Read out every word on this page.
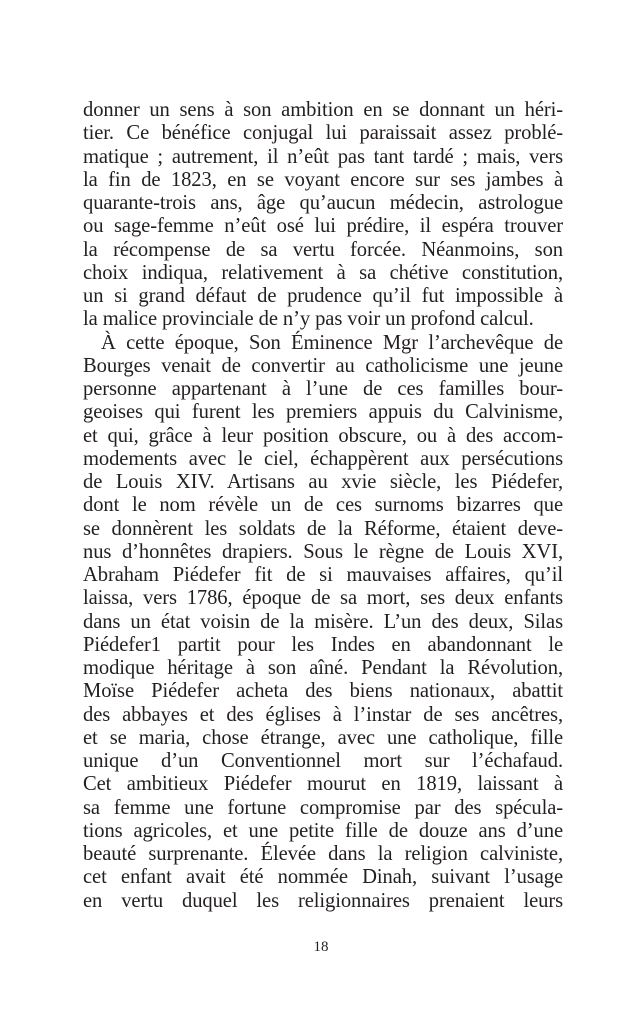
donner un sens à son ambition en se donnant un héri-
tier. Ce bénéfice conjugal lui paraissait assez problé-
matique ; autrement, il n’eût pas tant tardé ; mais, vers
la fin de 1823, en se voyant encore sur ses jambes à
quarante-trois ans, âge qu’aucun médecin, astrologue
ou sage-femme n’eût osé lui prédire, il espéra trouver
la récompense de sa vertu forcée. Néanmoins, son
choix indiqua, relativement à sa chétive constitution,
un si grand défaut de prudence qu’il fut impossible à
la malice provinciale de n’y pas voir un profond calcul.
À cette époque, Son Éminence Mgr l’archevêque de
Bourges venait de convertir au catholicisme une jeune
personne appartenant à l’une de ces familles bour-
geoises qui furent les premiers appuis du Calvinisme,
et qui, grâce à leur position obscure, ou à des accom-
modements avec le ciel, échappèrent aux persécutions
de Louis XIV. Artisans au xvie siècle, les Piédefer,
dont le nom révèle un de ces surnoms bizarres que
se donnèrent les soldats de la Réforme, étaient deve-
nus d’honnêtes drapiers. Sous le règne de Louis XVI,
Abraham Piédefer fit de si mauvaises affaires, qu’il
laissa, vers 1786, époque de sa mort, ses deux enfants
dans un état voisin de la misère. L’un des deux, Silas
Piédefer1 partit pour les Indes en abandonnant le
modique héritage à son aîné. Pendant la Révolution,
Moïse Piédefer acheta des biens nationaux, abattit
des abbayes et des églises à l’instar de ses ancêtres,
et se maria, chose étrange, avec une catholique, fille
unique d’un Conventionnel mort sur l’échafaud.
Cet ambitieux Piédefer mourut en 1819, laissant à
sa femme une fortune compromise par des spécula-
tions agricoles, et une petite fille de douze ans d’une
beauté surprenante. Élevée dans la religion calviniste,
cet enfant avait été nommée Dinah, suivant l’usage
en vertu duquel les religionnaires prenaient leurs
18
